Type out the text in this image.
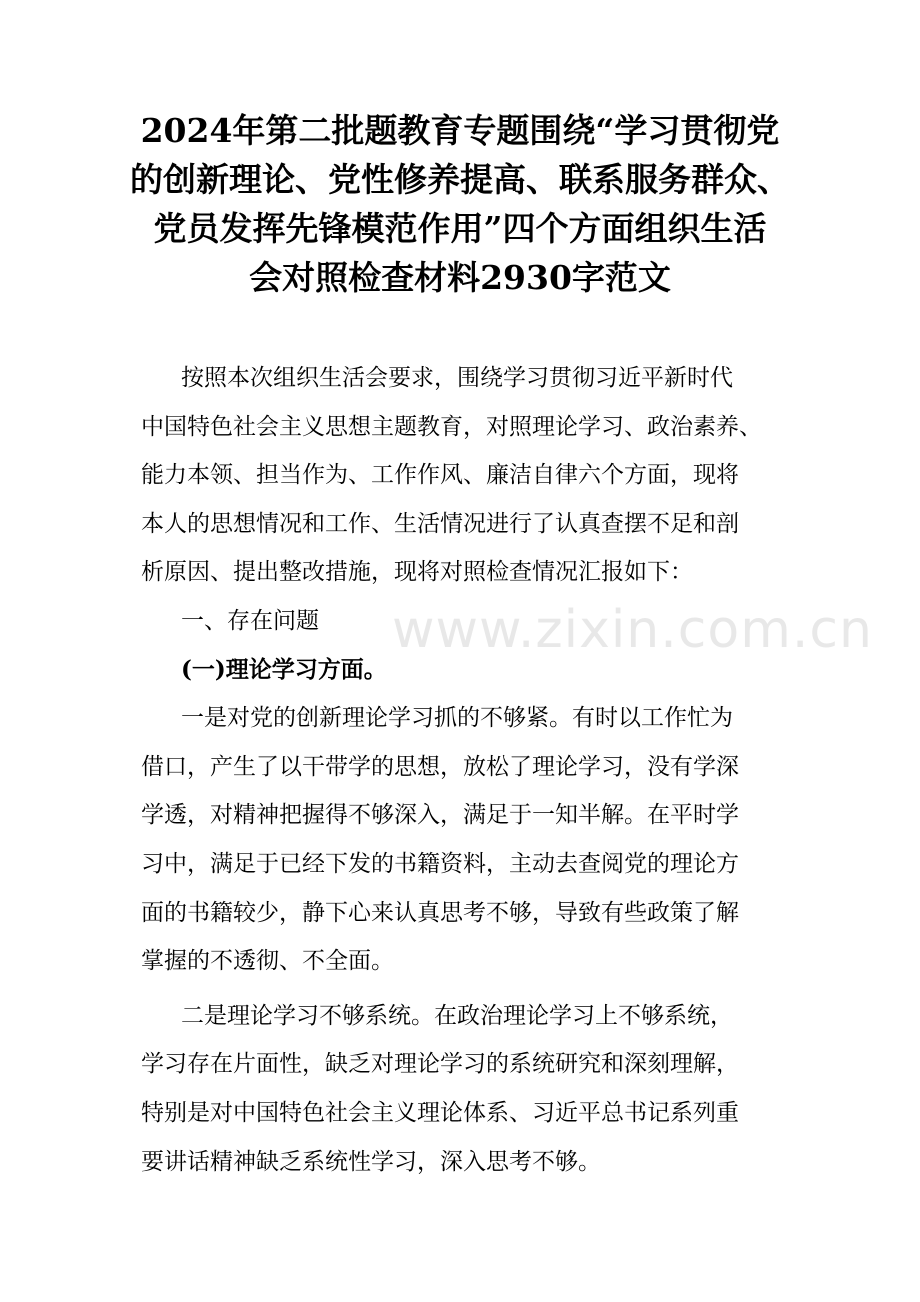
2024年第二批题教育专题围绕“学习贯彻党
的创新理论、党性修养提高、联系服务群众、
党员发挥先锋模范作用”四个方面组织生活
会对照检查材料2930字范文
按照本次组织生活会要求，围绕学习贯彻习近平新时代
中国特色社会主义思想主题教育，对照理论学习、政治素养、
能力本领、担当作为、工作作风、廉洁自律六个方面，现将
本人的思想情况和工作、生活情况进行了认真查摆不足和剖
析原因、提出整改措施，现将对照检查情况汇报如下：
一、存在问题
(一)理论学习方面。
一是对党的创新理论学习抓的不够紧。有时以工作忙为
借口，产生了以干带学的思想，放松了理论学习，没有学深
学透，对精神把握得不够深入，满足于一知半解。在平时学
习中，满足于已经下发的书籍资料，主动去查阅党的理论方
面的书籍较少，静下心来认真思考不够，导致有些政策了解
掌握的不透彻、不全面。
二是理论学习不够系统。在政治理论学习上不够系统，
学习存在片面性，缺乏对理论学习的系统研究和深刻理解，
特别是对中国特色社会主义理论体系、习近平总书记系列重
要讲话精神缺乏系统性学习，深入思考不够。
www.zixin.com.cn
